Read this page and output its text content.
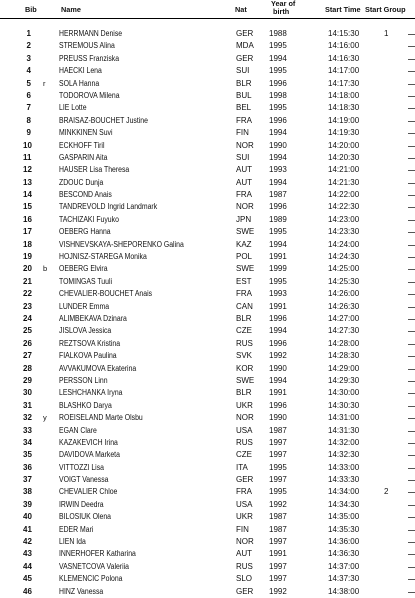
Bib	Name	Nat
Year of
birth	Start Time Start Group
1	HERRMANN Denise	GER 1988	14:15:30	1
2	STREMOUS Alina	MDA 1995	14:16:00
3	PREUSS Franziska	GER 1994	14:16:30
4	HAECKI Lena	SUI 1995	14:17:00
5 r SOLA Hanna	BLR 1996	14:17:30
6	TODOROVA Milena	BUL 1998	14:18:00
7	LIE Lotte	BEL 1995	14:18:30
8	BRAISAZ-BOUCHET Justine	FRA 1996	14:19:00
9	MINKKINEN Suvi	FIN	1994	14:19:30
10	ECKHOFF Tiril	NOR 1990	14:20:00
11	GASPARIN Aita	SUI 1994	14:20:30
12	HAUSER Lisa Theresa	AUT 1993	14:21:00
13	ZDOUC Dunja	AUT 1994	14:21:30
14	BESCOND Anais	FRA 1987	14:22:00
15	TANDREVOLD Ingrid Landmark	NOR 1996	14:22:30
16	TACHIZAKI Fuyuko	JPN 1989	14:23:00
17	OEBERG Hanna	SWE 1995	14:23:30
18	VISHNEVSKAYA-SHEPORENKO Galina	KAZ 1994	14:24:00
19	HOJNISZ-STAREGA Monika	POL 1991	14:24:30
20 b OEBERG Elvira	SWE 1999	14:25:00
21	TOMINGAS Tuuli	EST 1995	14:25:30
22	CHEVALIER-BOUCHET Anais	FRA 1993	14:26:00
23	LUNDER Emma	CAN 1991	14:26:30
24	ALIMBEKAVA Dzinara	BLR 1996	14:27:00
25	JISLOVA Jessica	CZE 1994	14:27:30
26	REZTSOVA Kristina	RUS 1996	14:28:00
27	FIALKOVA Paulina	SVK 1992	14:28:30
28	AVVAKUMOVA Ekaterina	KOR 1990	14:29:00
29	PERSSON Linn	SWE 1994	14:29:30
30	LESHCHANKA Iryna	BLR 1991	14:30:00
31	BLASHKO Darya	UKR 1996	14:30:30
32 y ROEISELAND Marte Olsbu	NOR 1990	14:31:00
33	EGAN Clare	USA 1987	14:31:30
34	KAZAKEVICH Irina	RUS 1997	14:32:00
35	DAVIDOVA Marketa	CZE 1997	14:32:30
36	VITTOZZI Lisa	ITA	1995	14:33:00
37	VOIGT Vanessa	GER 1997	14:33:30
38	CHEVALIER Chloe	FRA 1995	14:34:00	2
39	IRWIN Deedra	USA 1992	14:34:30
40	BILOSIUK Olena	UKR 1987	14:35:00
41	EDER Mari	FIN	1987	14:35:30
42	LIEN Ida	NOR 1997	14:36:00
43	INNERHOFER Katharina	AUT 1991	14:36:30
44	VASNETCOVA Valeriia	RUS 1997	14:37:00
45	KLEMENCIC Polona	SLO 1997	14:37:30
46	HINZ Vanessa	GER 1992	14:38:00
